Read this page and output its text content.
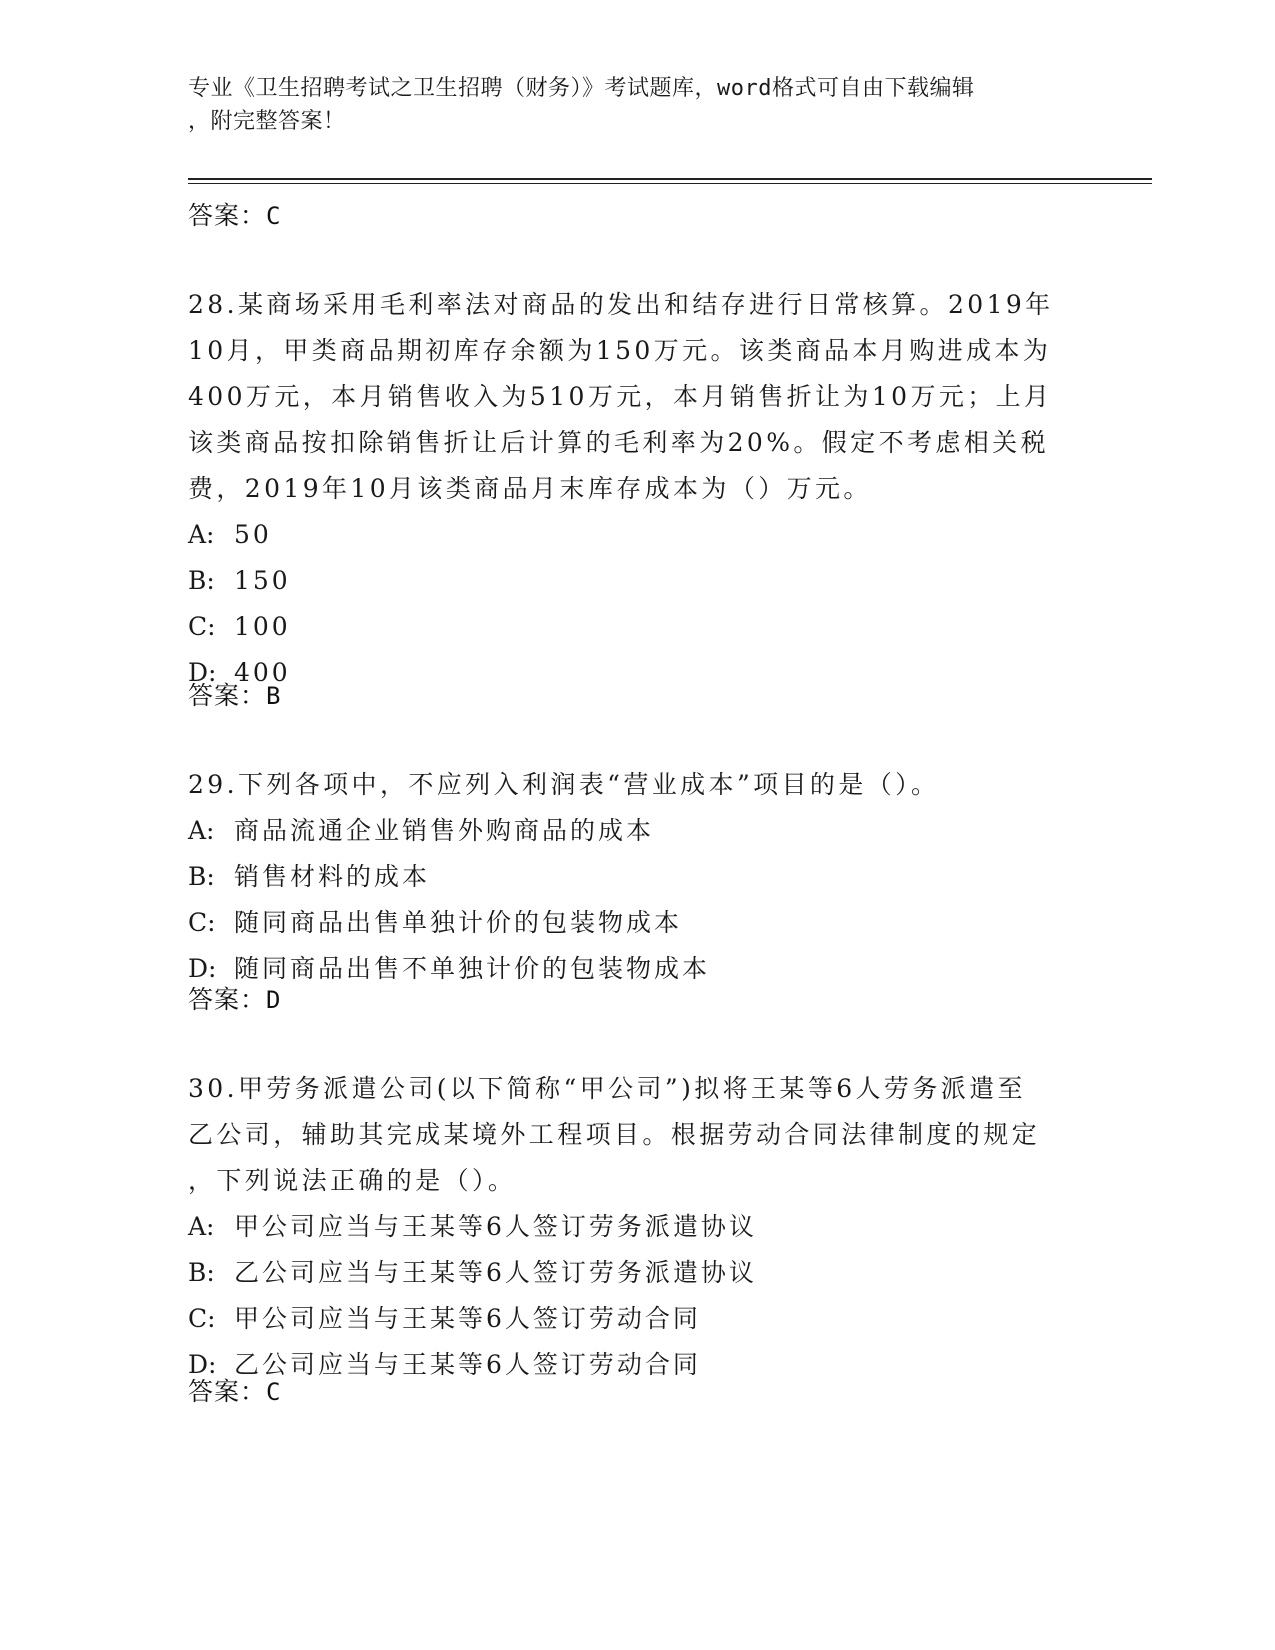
专业《卫生招聘考试之卫生招聘（财务）》考试题库，word格式可自由下载编辑
，附完整答案！
答案：C
28.某商场采用毛利率法对商品的发出和结存进行日常核算。2019年
10月，甲类商品期初库存余额为150万元。该类商品本月购进成本为
400万元，本月销售收入为510万元，本月销售折让为10万元；上月
该类商品按扣除销售折让后计算的毛利率为20%。假定不考虑相关税
费，2019年10月该类商品月末库存成本为（）万元。
A: 50
B: 150
C: 100
D: 400
答案：B
29.下列各项中，不应列入利润表“营业成本”项目的是（）。
A: 商品流通企业销售外购商品的成本
B: 销售材料的成本
C: 随同商品出售单独计价的包装物成本
D: 随同商品出售不单独计价的包装物成本
答案：D
30.甲劳务派遣公司(以下简称“甲公司”)拟将王某等6人劳务派遣至
乙公司，辅助其完成某境外工程项目。根据劳动合同法律制度的规定
，下列说法正确的是（）。
A: 甲公司应当与王某等6人签订劳务派遣协议
B: 乙公司应当与王某等6人签订劳务派遣协议
C: 甲公司应当与王某等6人签订劳动合同
D: 乙公司应当与王某等6人签订劳动合同
答案：C
